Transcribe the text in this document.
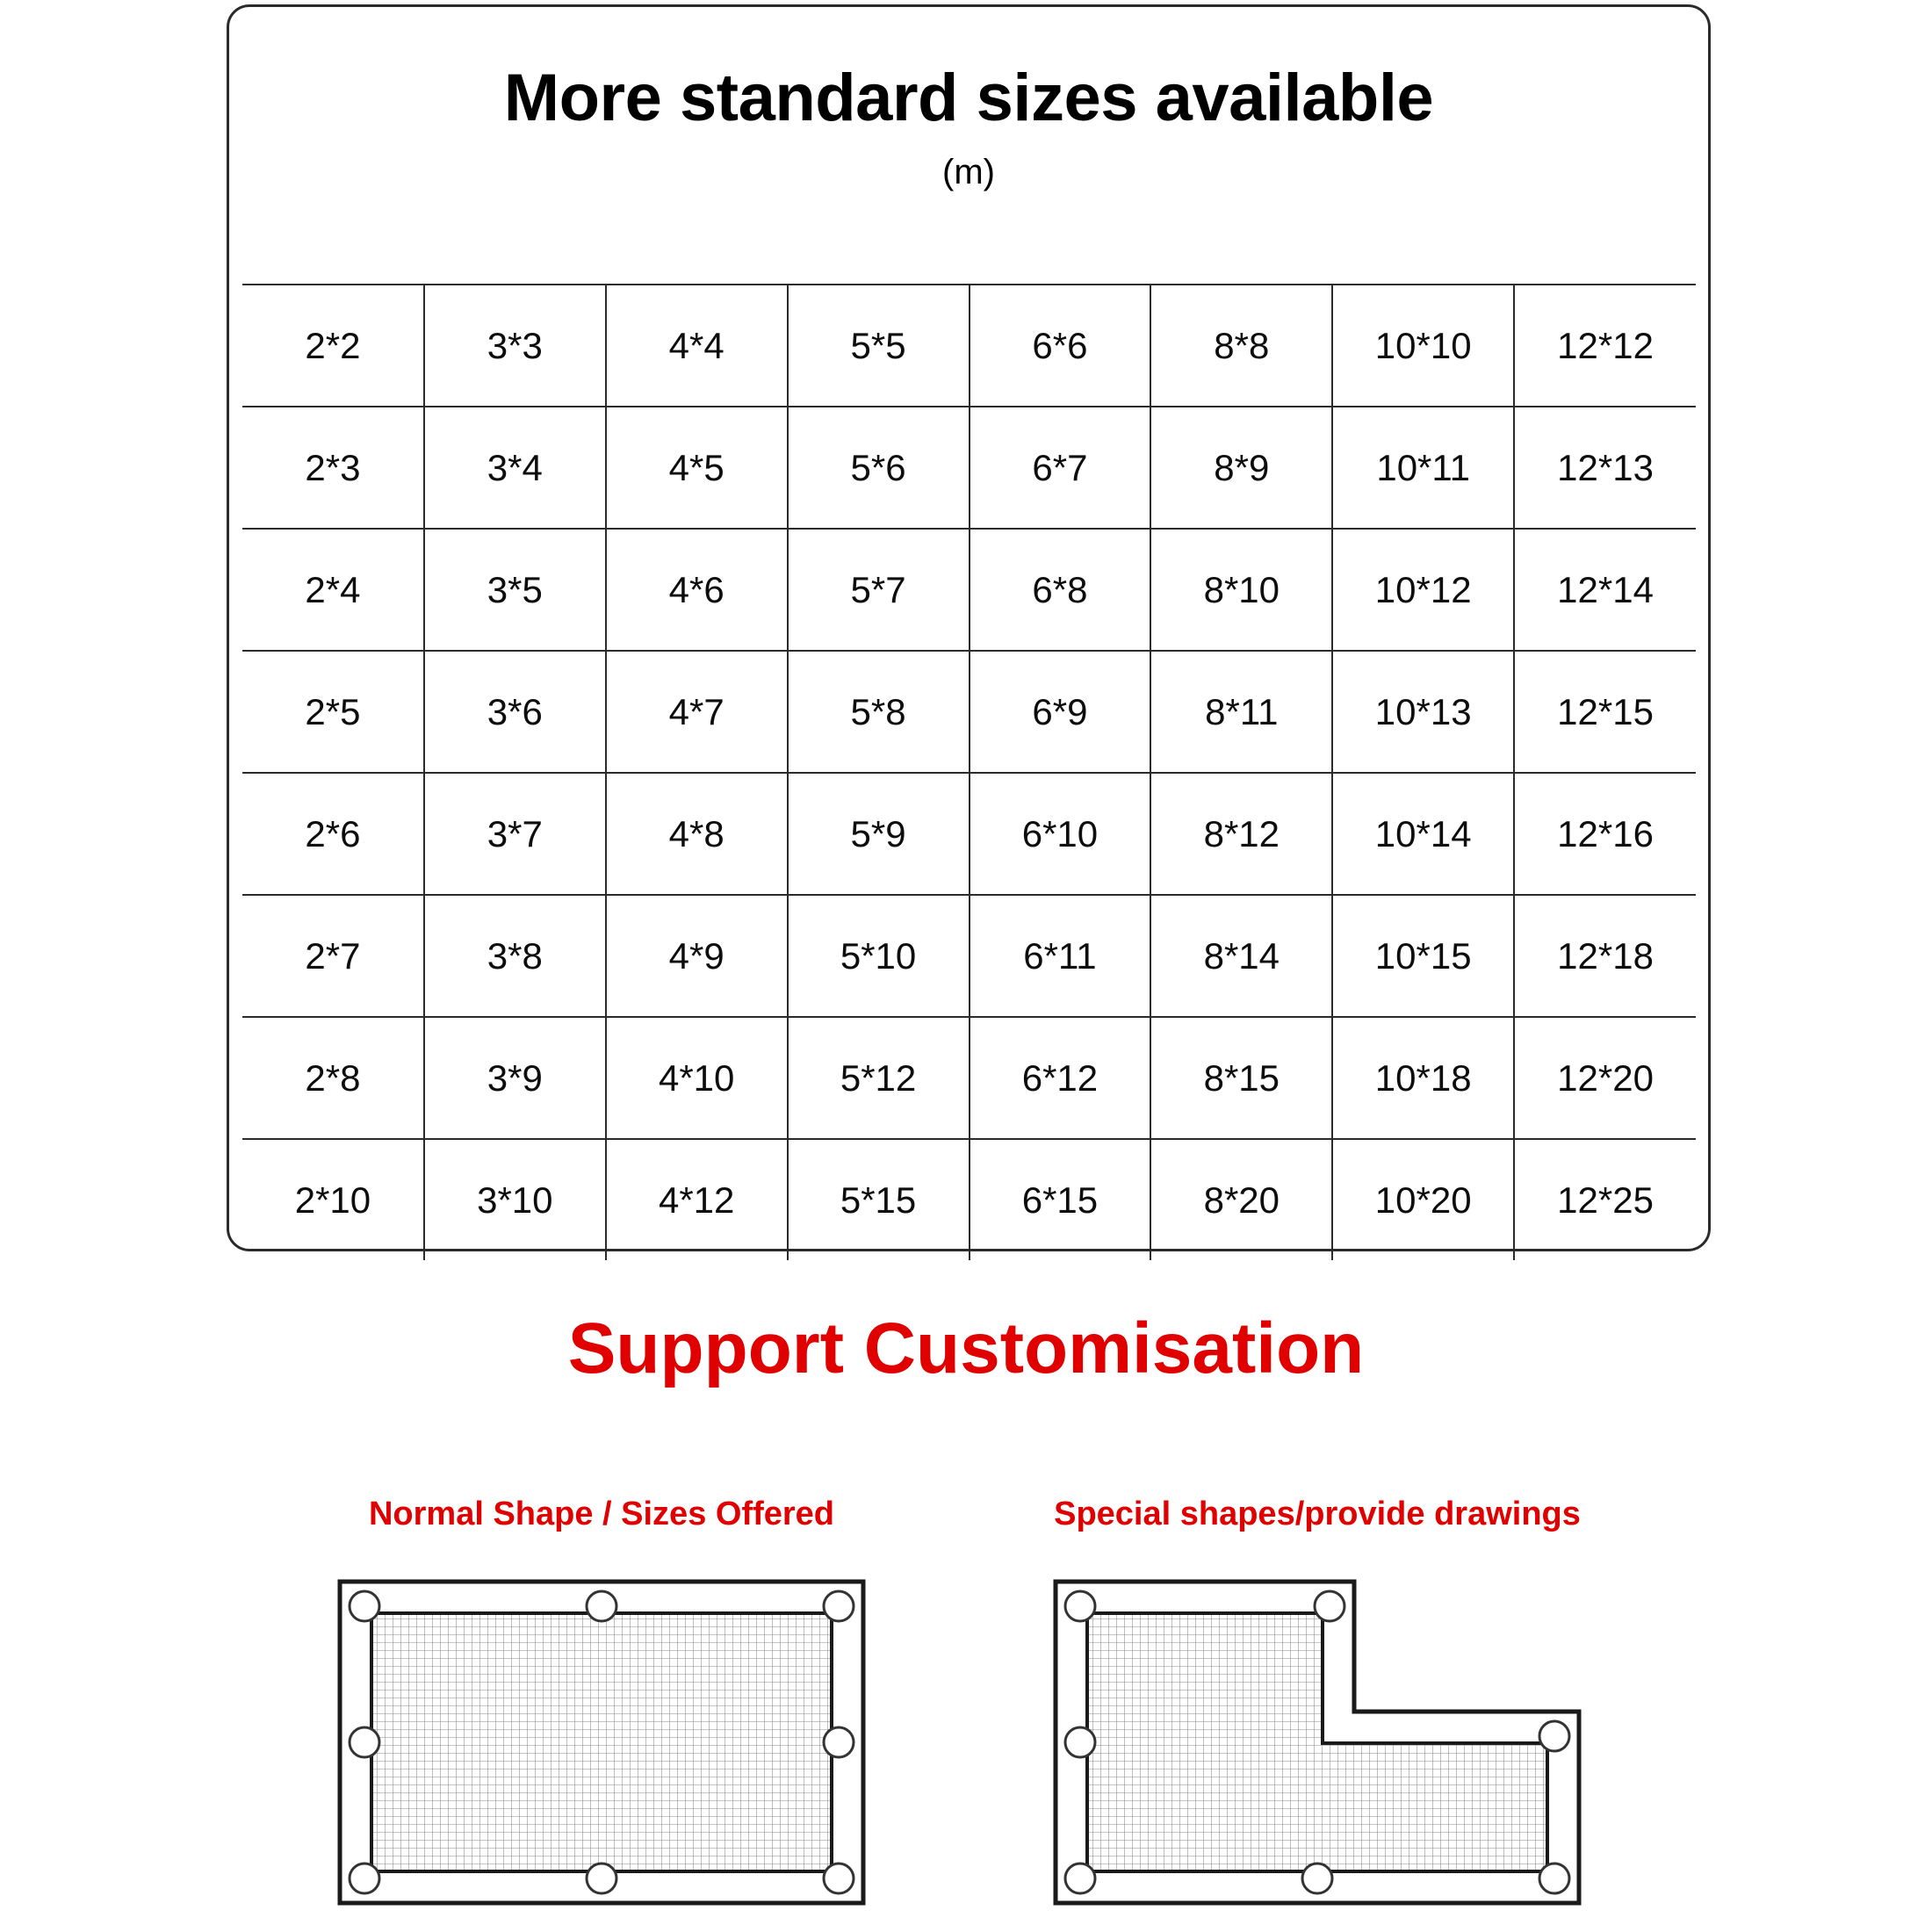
More standard sizes available
(m)
2*2	3*3	4*4	5*5	6*6	8*8	10*10	12*12
2*3	3*4	4*5	5*6	6*7	8*9	10*11	12*13
2*4	3*5	4*6	5*7	6*8	8*10	10*12	12*14
2*5	3*6	4*7	5*8	6*9	8*11	10*13	12*15
2*6	3*7	4*8	5*9	6*10	8*12	10*14	12*16
2*7	3*8	4*9	5*10	6*11	8*14	10*15	12*18
2*8	3*9	4*10	5*12	6*12	8*15	10*18	12*20
2*10	3*10	4*12	5*15	6*15	8*20	10*20	12*25
Support Customisation
Normal Shape / Sizes Offered	Special shapes/provide drawings
